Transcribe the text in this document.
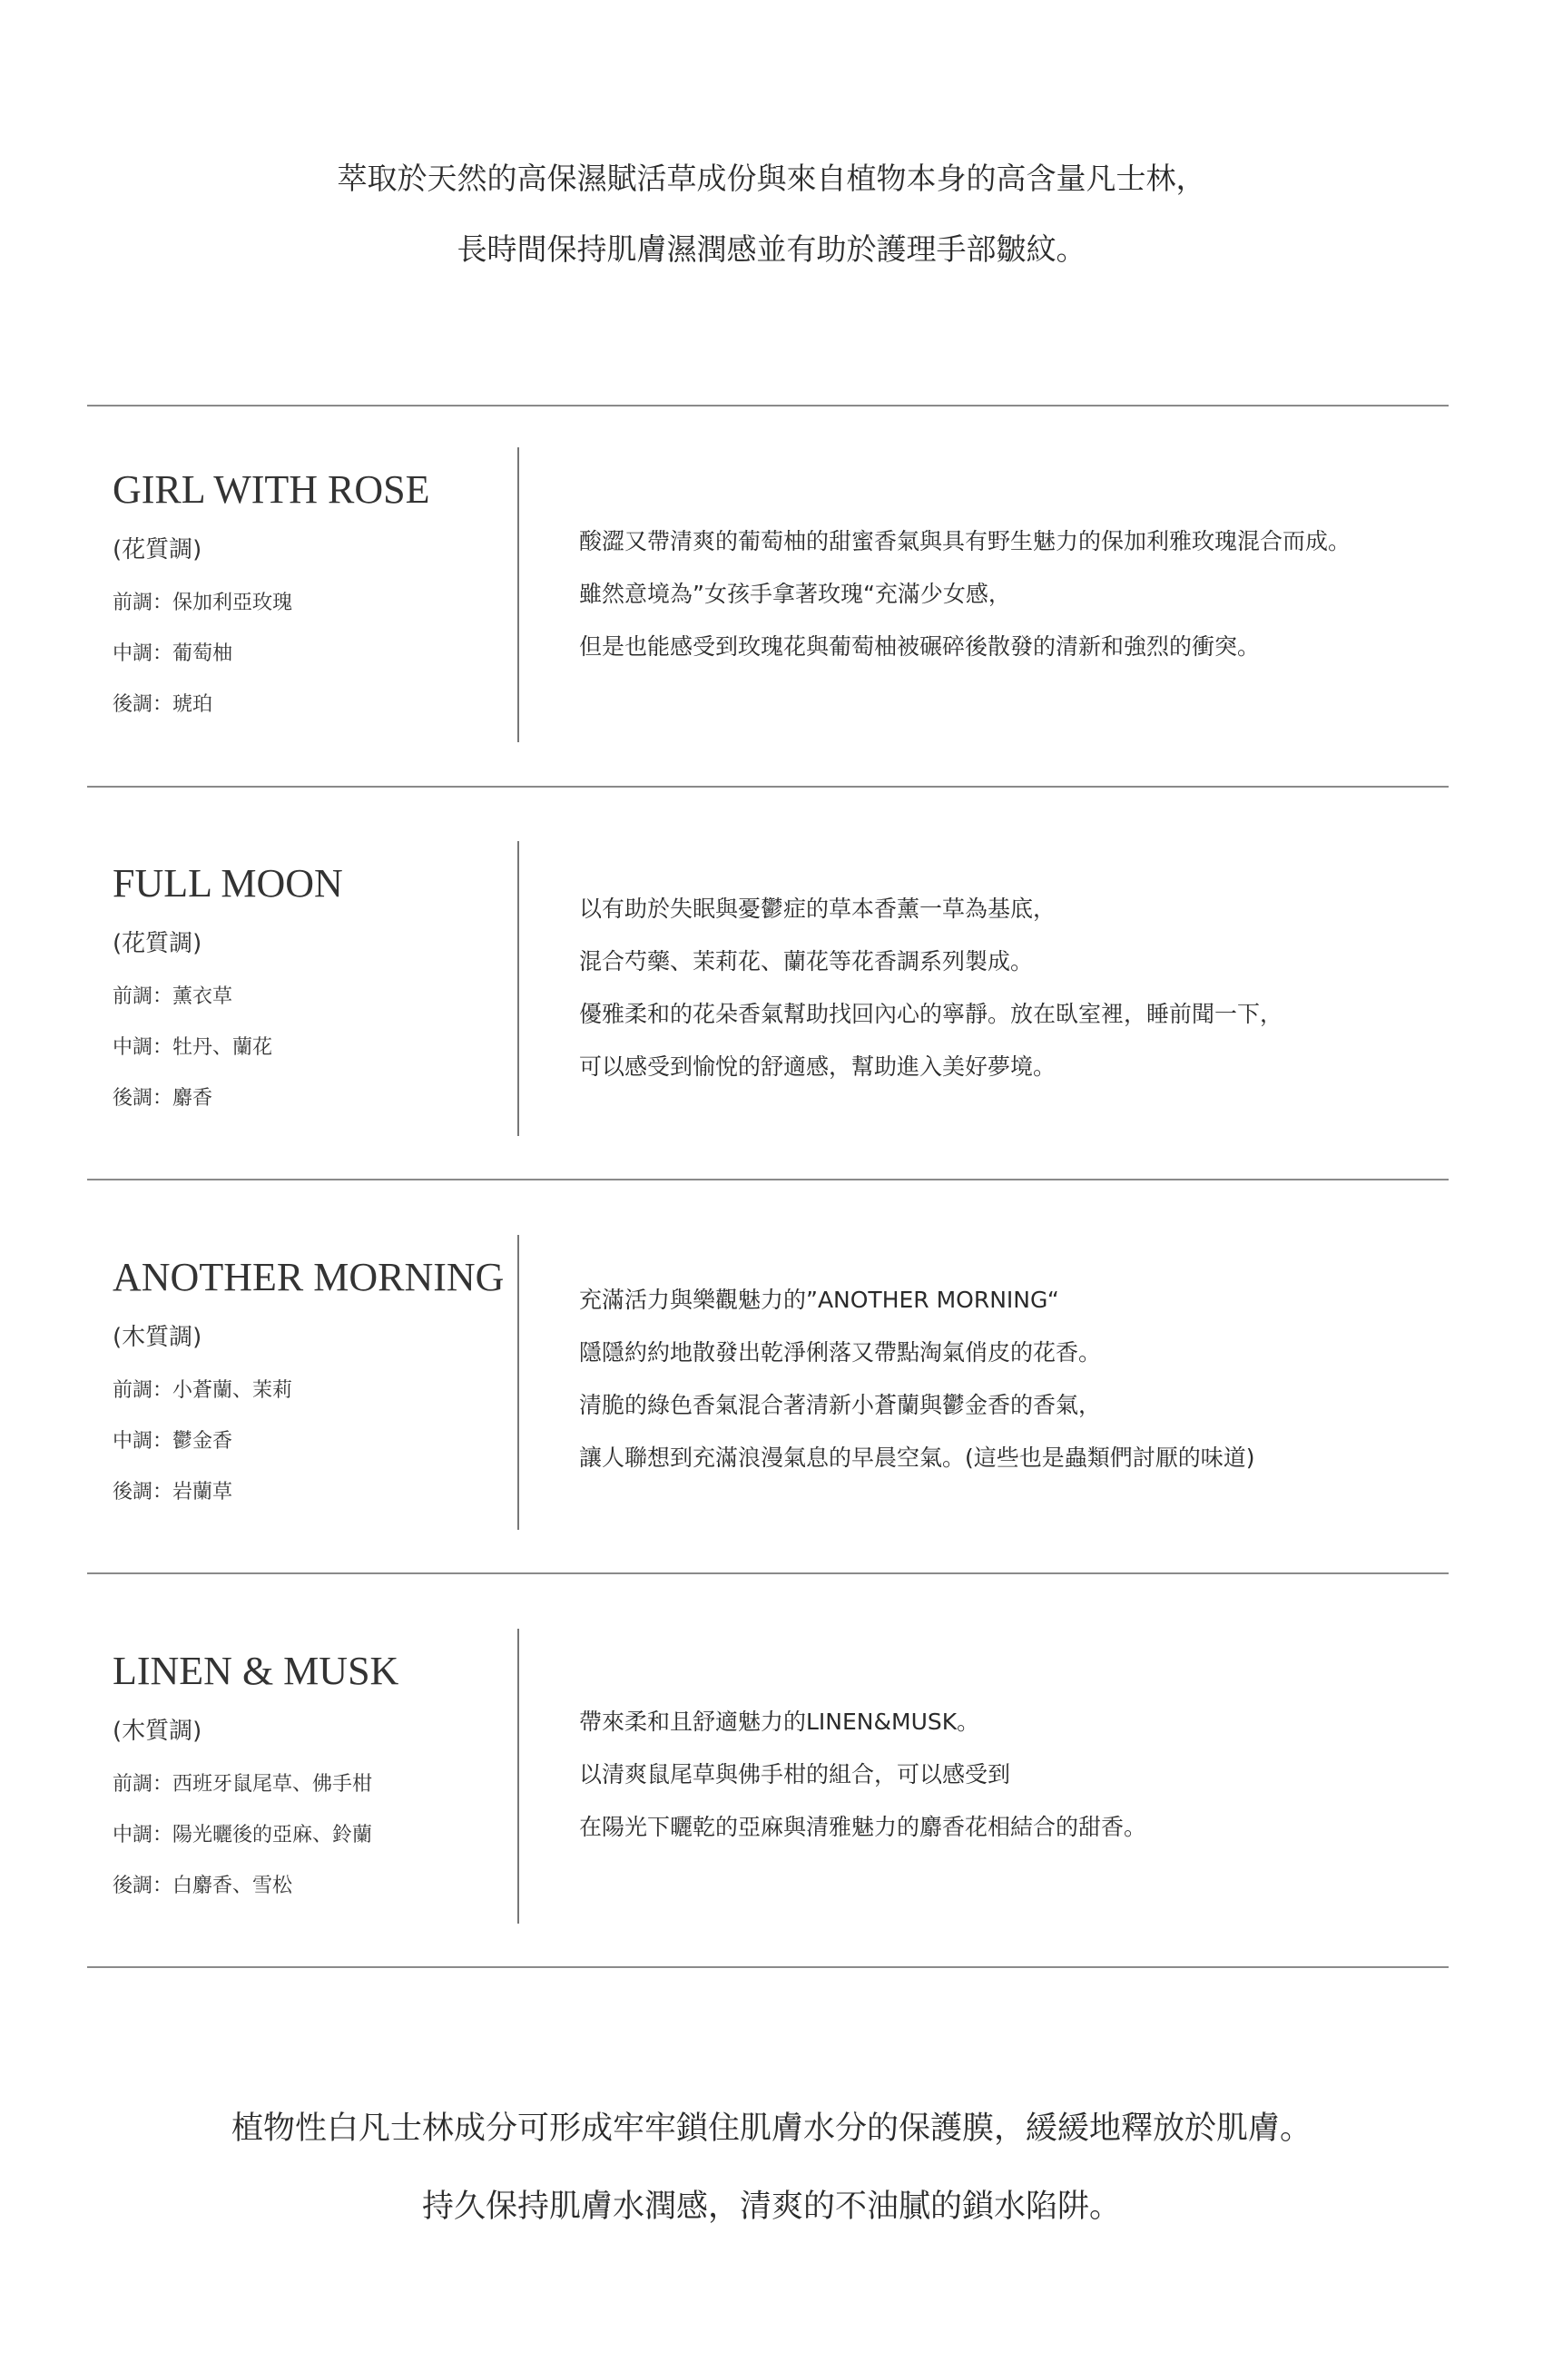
萃取於天然的高保濕賦活草成份與來自植物本身的高含量凡士林，
長時間保持肌膚濕潤感並有助於護理手部皺紋。
GIRL WITH ROSE
(花質調)
前調：保加利亞玫瑰
中調：葡萄柚
後調：琥珀
酸澀又帶清爽的葡萄柚的甜蜜香氣與具有野生魅力的保加利雅玫瑰混合而成。
雖然意境為”女孩手拿著玫瑰“充滿少女感，
但是也能感受到玫瑰花與葡萄柚被碾碎後散發的清新和強烈的衝突。
FULL MOON
(花質調)
前調：薰衣草
中調：牡丹、蘭花
後調：麝香
以有助於失眠與憂鬱症的草本香薰一草為基底，
混合芍藥、茉莉花、蘭花等花香調系列製成。
優雅柔和的花朵香氣幫助找回內心的寧靜。放在臥室裡，睡前聞一下，
可以感受到愉悅的舒適感，幫助進入美好夢境。
ANOTHER MORNING
(木質調)
前調：小蒼蘭、茉莉
中調：鬱金香
後調：岩蘭草
充滿活力與樂觀魅力的”ANOTHER MORNING“
隱隱約約地散發出乾淨俐落又帶點淘氣俏皮的花香。
清脆的綠色香氣混合著清新小蒼蘭與鬱金香的香氣，
讓人聯想到充滿浪漫氣息的早晨空氣。(這些也是蟲類們討厭的味道)
LINEN & MUSK
(木質調)
前調：西班牙鼠尾草、佛手柑
中調：陽光曬後的亞麻、鈴蘭
後調：白麝香、雪松
帶來柔和且舒適魅力的LINEN&MUSK。
以清爽鼠尾草與佛手柑的組合，可以感受到
在陽光下曬乾的亞麻與清雅魅力的麝香花相結合的甜香。
植物性白凡士林成分可形成牢牢鎖住肌膚水分的保護膜，緩緩地釋放於肌膚。
持久保持肌膚水潤感，清爽的不油膩的鎖水陷阱。
